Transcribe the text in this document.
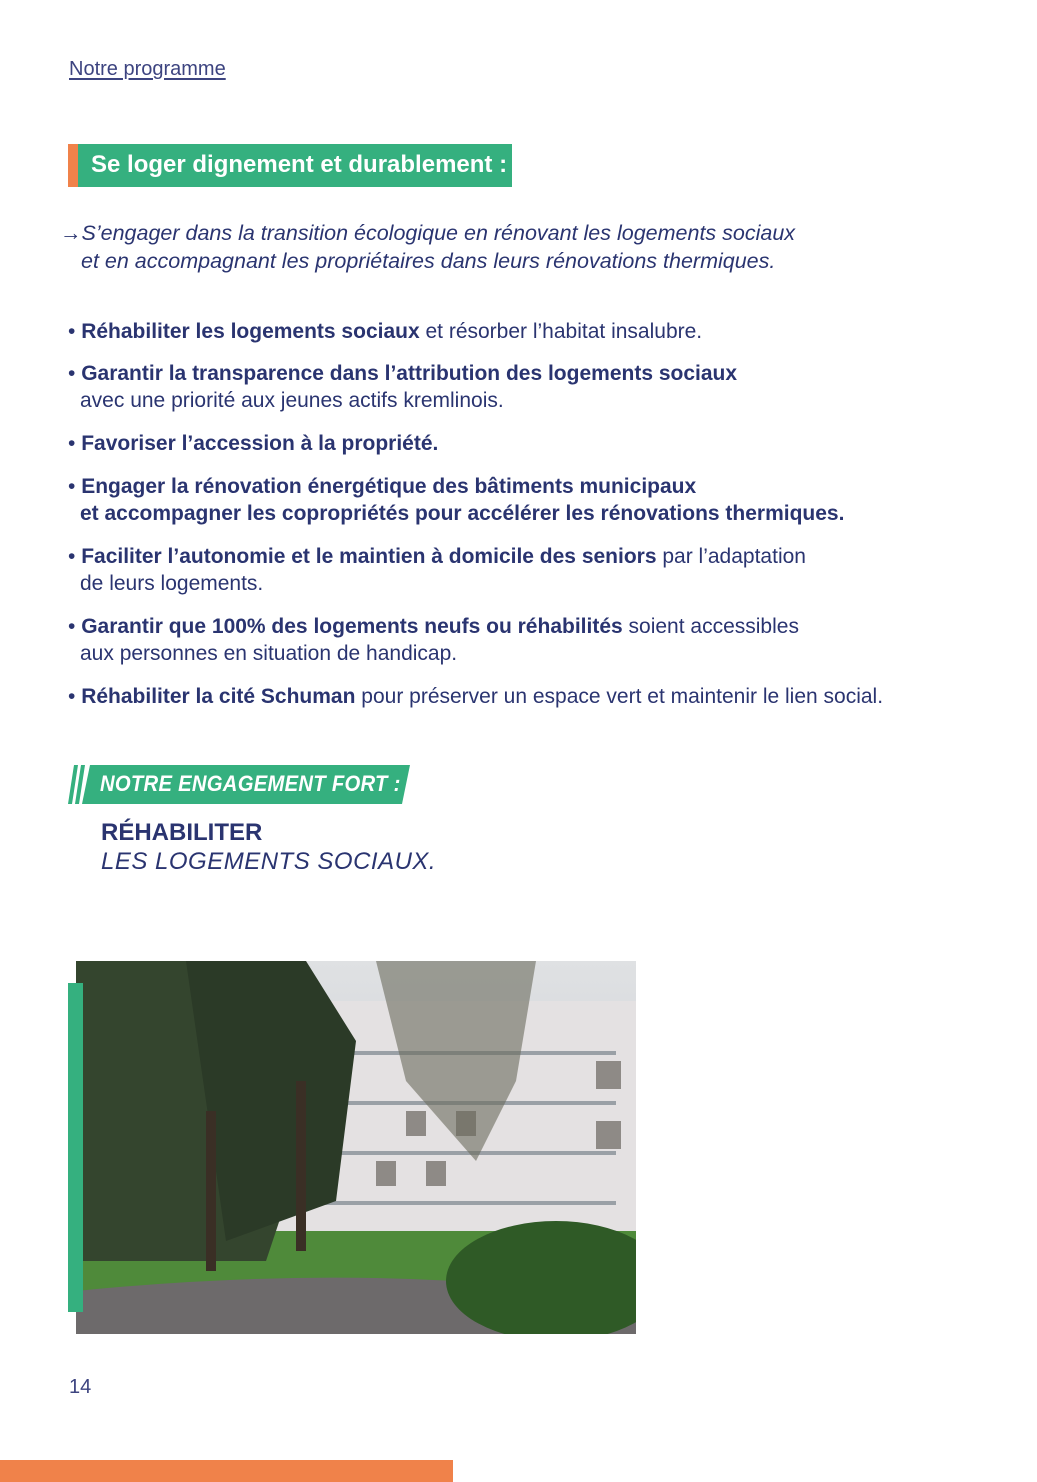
Notre programme
Se loger dignement et durablement :
→S’engager dans la transition écologique en rénovant les logements sociaux
et en accompagnant les propriétaires dans leurs rénovations thermiques.
• Réhabiliter les logements sociaux et résorber l’habitat insalubre.
• Garantir la transparence dans l’attribution des logements sociaux
avec une priorité aux jeunes actifs kremlinois.
• Favoriser l’accession à la propriété.
• Engager la rénovation énergétique des bâtiments municipaux
et accompagner les copropriétés pour accélérer les rénovations thermiques.
• Faciliter l’autonomie et le maintien à domicile des seniors par l’adaptation
de leurs logements.
• Garantir que 100% des logements neufs ou réhabilités soient accessibles
aux personnes en situation de handicap.
• Réhabiliter la cité Schuman pour préserver un espace vert et maintenir le lien social.
NOTRE ENGAGEMENT FORT :
RÉHABILITER
LES LOGEMENTS SOCIAUX.
14
